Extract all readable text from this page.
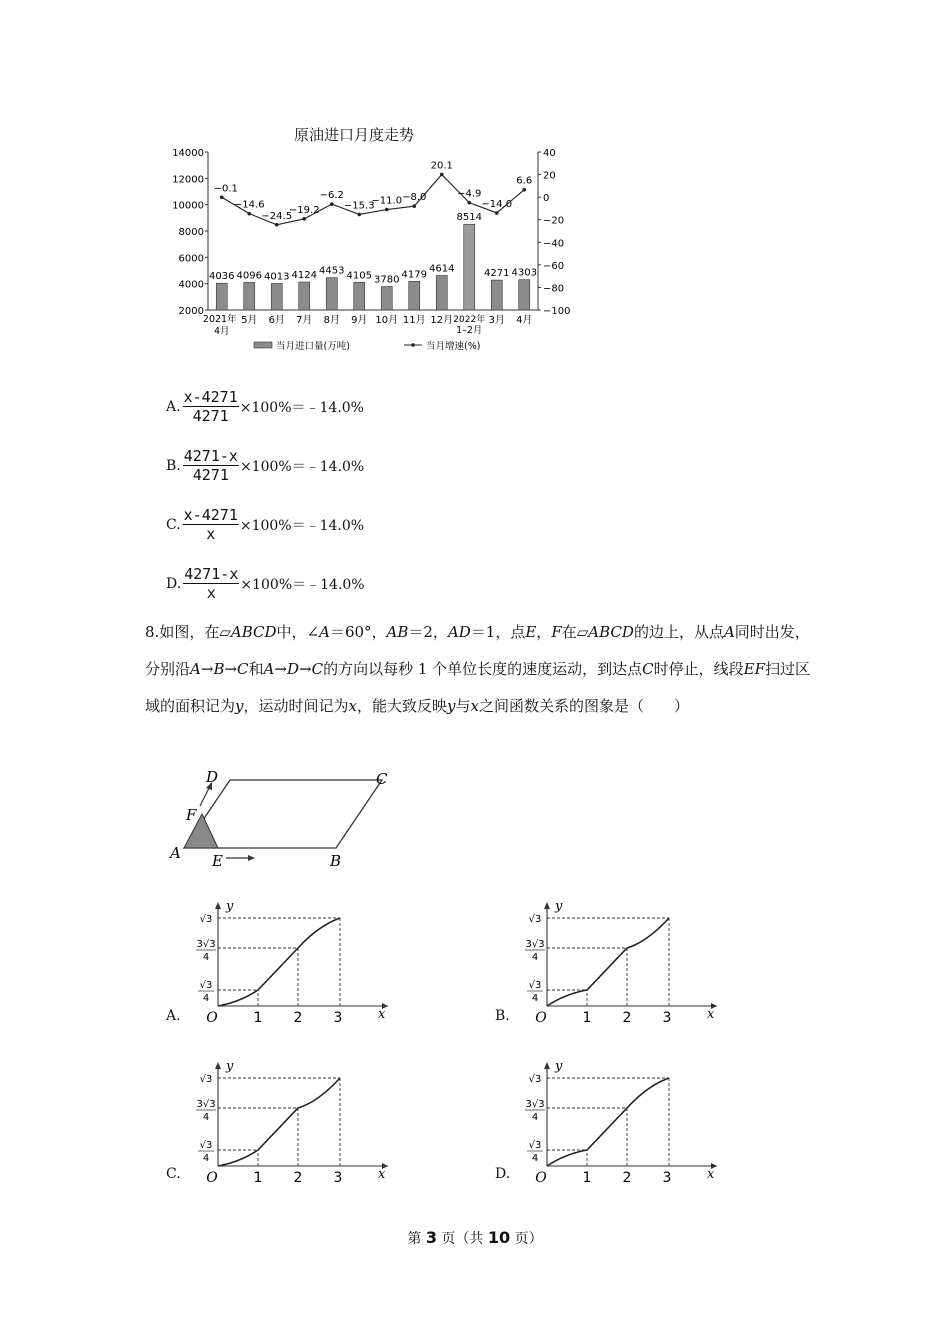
原油进口月度走势
14000
12000
10000
8000
6000
4000
2000
40
20
0
−20
−40
−60
−80
−100
4036 4096 4013 4124 4453 4105 3780 4179
4614
8514
4271 4303
−0.1
−14.6
−24.5
−19.2
−6.2
−15.3
−11.0 −8.0
20.1
−4.9
−14.0
6.6
2021年
4月
5月 6月 7月 8月 9月 10月 11月 12月 2022年
1–2月
3月 4月
当月进口量(万吨)	当月增速(%)
A. $\frac{x-4271}{4271}$ ×100%＝﹣14.0%
B. $\frac{4271-x}{4271}$ ×100%＝﹣14.0%
C. $\frac{x-4271}{x}$ ×100%＝﹣14.0%
D. $\frac{4271-x}{x}$ ×100%＝﹣14.0%

8.如图，在▱ABCD中，∠A＝60°，AB＝2，AD＝1，点E，F在▱ABCD的边上，从点A同时出发，分别沿A→B→C和A→D→C的方向以每秒 1 个单位长度的速度运动，到达点C时停止，线段EF扫过区域的面积记为y，运动时间记为x，能大致反映y与x之间函数关系的图象是（　　）

D	C
F
A E	B
y
x
O	1 2 3
√3
3√3
4
√3
4
A.
y
x
O	1 2 3
√3
3√3
4
√3
4
B.
y
x
O	1 2 3
√3
3√3
4
√3
4
C.
y
x
O	1 2 3
√3
3√3
4
√3
4
D.
第 3 页（共 10 页）
